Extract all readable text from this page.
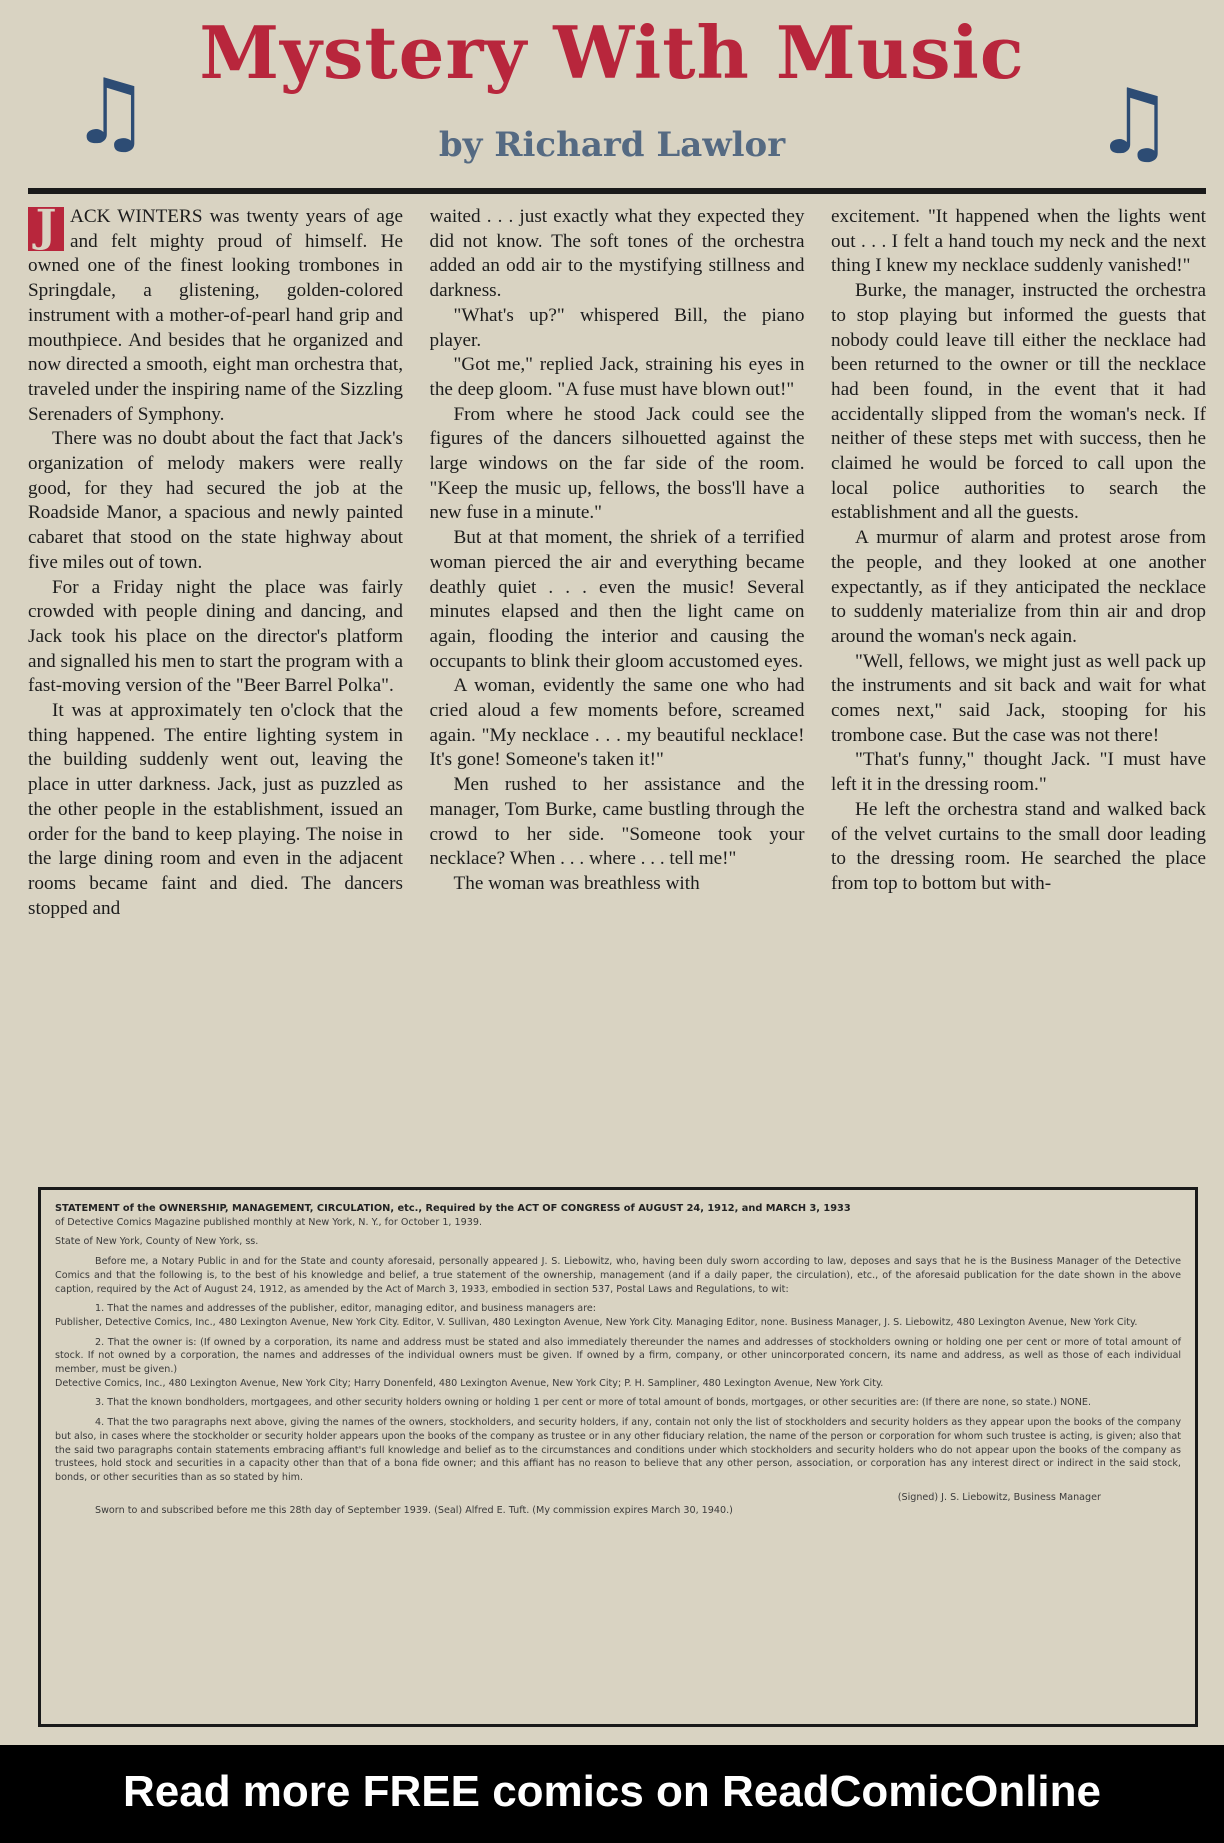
♫
Mystery With Music
by Richard Lawlor	♫

J ACK WINTERS was twenty years of age and felt mighty proud of himself. He owned one of the finest looking trombones in Springdale, a glistening, golden-colored instrument with a mother-of-pearl hand grip and mouthpiece. And besides that he organized and now directed a smooth, eight man orchestra that, traveled under the inspiring name of the Sizzling Serenaders of Symphony.

There was no doubt about the fact that Jack's organization of melody makers were really good, for they had secured the job at the Roadside Manor, a spacious and newly painted cabaret that stood on the state highway about five miles out of town.

For a Friday night the place was fairly crowded with people dining and dancing, and Jack took his place on the director's platform and signalled his men to start the program with a fast-moving version of the "Beer Barrel Polka".

It was at approximately ten o'clock that the thing happened. The entire lighting system in the building suddenly went out, leaving the place in utter darkness. Jack, just as puzzled as the other people in the establishment, issued an order for the band to keep playing. The noise in the large dining room and even in the adjacent rooms became faint and died. The dancers stopped and

waited . . . just exactly what they expected they did not know. The soft tones of the orchestra added an odd air to the mystifying stillness and darkness.

"What's up?" whispered Bill, the piano player.

"Got me," replied Jack, straining his eyes in the deep gloom. "A fuse must have blown out!"

From where he stood Jack could see the figures of the dancers silhouetted against the large windows on the far side of the room. "Keep the music up, fellows, the boss'll have a new fuse in a minute."

But at that moment, the shriek of a terrified woman pierced the air and everything became deathly quiet . . . even the music! Several minutes elapsed and then the light came on again, flooding the interior and causing the occupants to blink their gloom accustomed eyes.

A woman, evidently the same one who had cried aloud a few moments before, screamed again. "My necklace . . . my beautiful necklace! It's gone! Someone's taken it!"

Men rushed to her assistance and the manager, Tom Burke, came bustling through the crowd to her side. "Someone took your necklace? When . . . where . . . tell me!"

The woman was breathless with

excitement. "It happened when the lights went out . . . I felt a hand touch my neck and the next thing I knew my necklace suddenly vanished!"

Burke, the manager, instructed the orchestra to stop playing but informed the guests that nobody could leave till either the necklace had been returned to the owner or till the necklace had been found, in the event that it had accidentally slipped from the woman's neck. If neither of these steps met with success, then he claimed he would be forced to call upon the local police authorities to search the establishment and all the guests.

A murmur of alarm and protest arose from the people, and they looked at one another expectantly, as if they anticipated the necklace to suddenly materialize from thin air and drop around the woman's neck again.

"Well, fellows, we might just as well pack up the instruments and sit back and wait for what comes next," said Jack, stooping for his trombone case. But the case was not there!

"That's funny," thought Jack. "I must have left it in the dressing room."

He left the orchestra stand and walked back of the velvet curtains to the small door leading to the dressing room. He searched the place from top to bottom but with-

STATEMENT of the OWNERSHIP, MANAGEMENT, CIRCULATION, etc., Required by the ACT OF CONGRESS of AUGUST 24, 1912, and MARCH 3, 1933

of Detective Comics Magazine published monthly at New York, N. Y., for October 1, 1939.

State of New York, County of New York, ss.

Before me, a Notary Public in and for the State and county aforesaid, personally appeared J. S. Liebowitz, who, having been duly sworn according to law, deposes and says that he is the Business Manager of the Detective Comics and that the following is, to the best of his knowledge and belief, a true statement of the ownership, management (and if a daily paper, the circulation), etc., of the aforesaid publication for the date shown in the above caption, required by the Act of August 24, 1912, as amended by the Act of March 3, 1933, embodied in section 537, Postal Laws and Regulations, to wit:

1. That the names and addresses of the publisher, editor, managing editor, and business managers are:

Publisher, Detective Comics, Inc., 480 Lexington Avenue, New York City. Editor, V. Sullivan, 480 Lexington Avenue, New York City. Managing Editor, none. Business Manager, J. S. Liebowitz, 480 Lexington Avenue, New York City.

2. That the owner is: (If owned by a corporation, its name and address must be stated and also immediately thereunder the names and addresses of stockholders owning or holding one per cent or more of total amount of stock. If not owned by a corporation, the names and addresses of the individual owners must be given. If owned by a firm, company, or other unincorporated concern, its name and address, as well as those of each individual member, must be given.)

Detective Comics, Inc., 480 Lexington Avenue, New York City; Harry Donenfeld, 480 Lexington Avenue, New York City; P. H. Sampliner, 480 Lexington Avenue, New York City.

3. That the known bondholders, mortgagees, and other security holders owning or holding 1 per cent or more of total amount of bonds, mortgages, or other securities are: (If there are none, so state.) NONE.

4. That the two paragraphs next above, giving the names of the owners, stockholders, and security holders, if any, contain not only the list of stockholders and security holders as they appear upon the books of the company but also, in cases where the stockholder or security holder appears upon the books of the company as trustee or in any other fiduciary relation, the name of the person or corporation for whom such trustee is acting, is given; also that the said two paragraphs contain statements embracing affiant's full knowledge and belief as to the circumstances and conditions under which stockholders and security holders who do not appear upon the books of the company as trustees, hold stock and securities in a capacity other than that of a bona fide owner; and this affiant has no reason to believe that any other person, association, or corporation has any interest direct or indirect in the said stock, bonds, or other securities than as so stated by him.

(Signed) J. S. Liebowitz, Business Manager

Sworn to and subscribed before me this 28th day of September 1939. (Seal) Alfred E. Tuft. (My commission expires March 30, 1940.)

Read more FREE comics on ReadComicOnline
